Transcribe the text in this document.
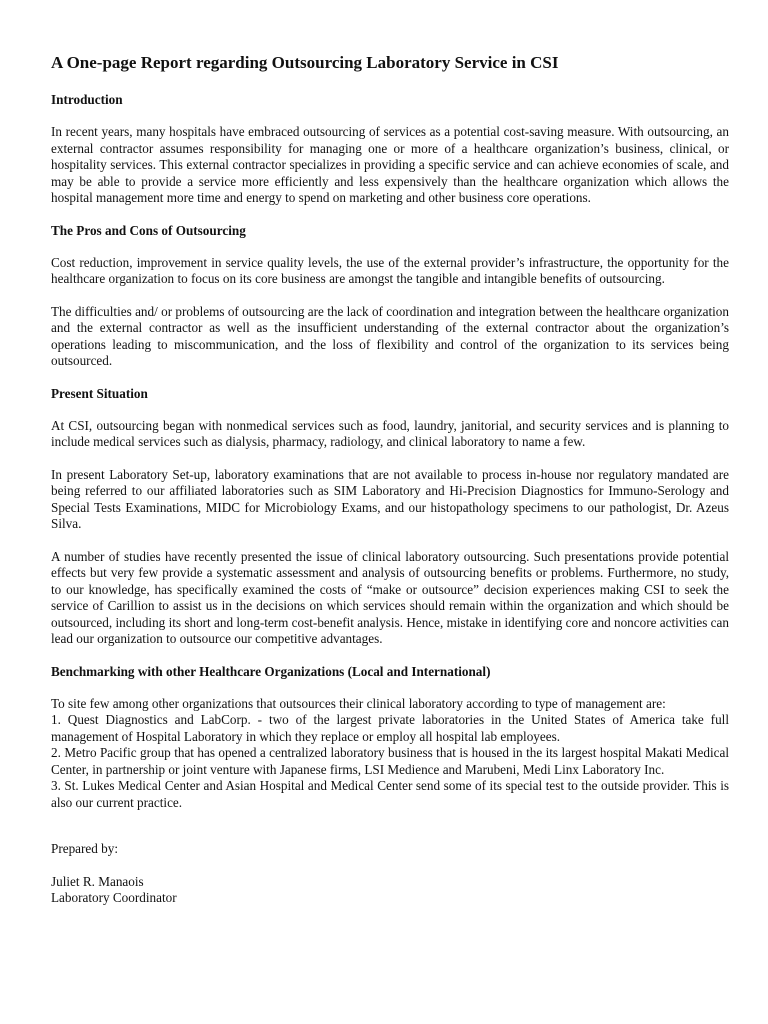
A One-page Report regarding Outsourcing Laboratory Service in CSI
Introduction

In recent years, many hospitals have embraced outsourcing of services as a potential cost-saving measure. With outsourcing, an external contractor assumes responsibility for managing one or more of a healthcare organization’s business, clinical, or hospitality services. This external contractor specializes in providing a specific service and can achieve economies of scale, and may be able to provide a service more efficiently and less expensively than the healthcare organization which allows the hospital management more time and energy to spend on marketing and other business core operations.

The Pros and Cons of Outsourcing

Cost reduction, improvement in service quality levels, the use of the external provider’s infrastructure, the opportunity for the healthcare organization to focus on its core business are amongst the tangible and intangible benefits of outsourcing.

The difficulties and/ or problems of outsourcing are the lack of coordination and integration between the healthcare organization and the external contractor as well as the insufficient understanding of the external contractor about the organization’s operations leading to miscommunication, and the loss of flexibility and control of the organization to its services being outsourced.

Present Situation

At CSI, outsourcing began with nonmedical services such as food, laundry, janitorial, and security services and is planning to include medical services such as dialysis, pharmacy, radiology, and clinical laboratory to name a few.

In present Laboratory Set-up, laboratory examinations that are not available to process in-house nor regulatory mandated are being referred to our affiliated laboratories such as SIM Laboratory and Hi-Precision Diagnostics for Immuno-Serology and Special Tests Examinations, MIDC for Microbiology Exams, and our histopathology specimens to our pathologist, Dr. Azeus Silva.

A number of studies have recently presented the issue of clinical laboratory outsourcing. Such presentations provide potential effects but very few provide a systematic assessment and analysis of outsourcing benefits or problems. Furthermore, no study, to our knowledge, has specifically examined the costs of “make or outsource” decision experiences making CSI to seek the service of Carillion to assist us in the decisions on which services should remain within the organization and which should be outsourced, including its short and long-term cost-benefit analysis. Hence, mistake in identifying core and noncore activities can lead our organization to outsource our competitive advantages.

Benchmarking with other Healthcare Organizations (Local and International)
To site few among other organizations that outsources their clinical laboratory according to type of management are:
1. Quest Diagnostics and LabCorp. - two of the largest private laboratories in the United States of America take full management of Hospital Laboratory in which they replace or employ all hospital lab employees.
2. Metro Pacific group that has opened a centralized laboratory business that is housed in the its largest hospital Makati Medical Center, in partnership or joint venture with Japanese firms, LSI Medience and Marubeni, Medi Linx Laboratory Inc.
3. St. Lukes Medical Center and Asian Hospital and Medical Center send some of its special test to the outside provider. This is also our current practice.
Prepared by:
Juliet R. Manaois
Laboratory Coordinator
